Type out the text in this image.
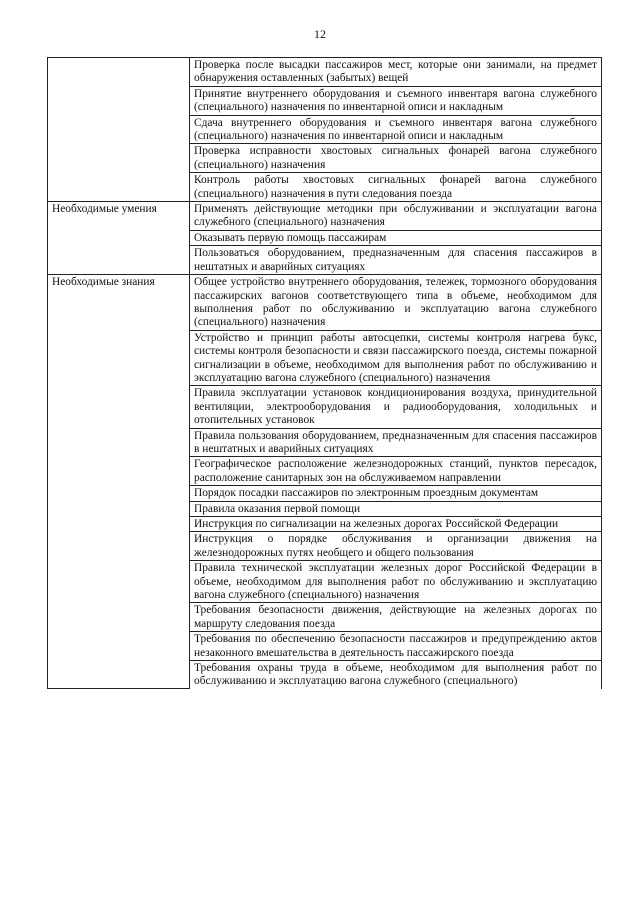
12
	Проверка после высадки пассажиров мест, которые они занимали, на предмет обнаружения оставленных (забытых) вещей
	Принятие внутреннего оборудования и съемного инвентаря вагона служебного (специального) назначения по инвентарной описи и накладным
	Сдача внутреннего оборудования и съемного инвентаря вагона служебного (специального) назначения по инвентарной описи и накладным
	Проверка исправности хвостовых сигнальных фонарей вагона служебного (специального) назначения
	Контроль работы хвостовых сигнальных фонарей вагона служебного (специального) назначения в пути следования поезда
Необходимые умения	Применять действующие методики при обслуживании и эксплуатации вагона служебного (специального) назначения
	Оказывать первую помощь пассажирам
	Пользоваться оборудованием, предназначенным для спасения пассажиров в нештатных и аварийных ситуациях
Необходимые знания	Общее устройство внутреннего оборудования, тележек, тормозного оборудования пассажирских вагонов соответствующего типа в объеме, необходимом для выполнения работ по обслуживанию и эксплуатацию вагона служебного (специального) назначения
	Устройство и принцип работы автосцепки, системы контроля нагрева букс, системы контроля безопасности и связи пассажирского поезда, системы пожарной сигнализации в объеме, необходимом для выполнения работ по обслуживанию и эксплуатацию вагона служебного (специального) назначения
	Правила эксплуатации установок кондиционирования воздуха, принудительной вентиляции, электрооборудования и радиооборудования, холодильных и отопительных установок
	Правила пользования оборудованием, предназначенным для спасения пассажиров в нештатных и аварийных ситуациях
	Географическое расположение железнодорожных станций, пунктов пересадок, расположение санитарных зон на обслуживаемом направлении
	Порядок посадки пассажиров по электронным проездным документам
	Правила оказания первой помощи
	Инструкция по сигнализации на железных дорогах Российской Федерации
	Инструкция о порядке обслуживания и организации движения на железнодорожных путях необщего и общего пользования
	Правила технической эксплуатации железных дорог Российской Федерации в объеме, необходимом для выполнения работ по обслуживанию и эксплуатацию вагона служебного (специального) назначения
	Требования безопасности движения, действующие на железных дорогах по маршруту следования поезда
	Требования по обеспечению безопасности пассажиров и предупреждению актов незаконного вмешательства в деятельность пассажирского поезда
	Требования охраны труда в объеме, необходимом для выполнения работ по обслуживанию и эксплуатацию вагона служебного (специального)
